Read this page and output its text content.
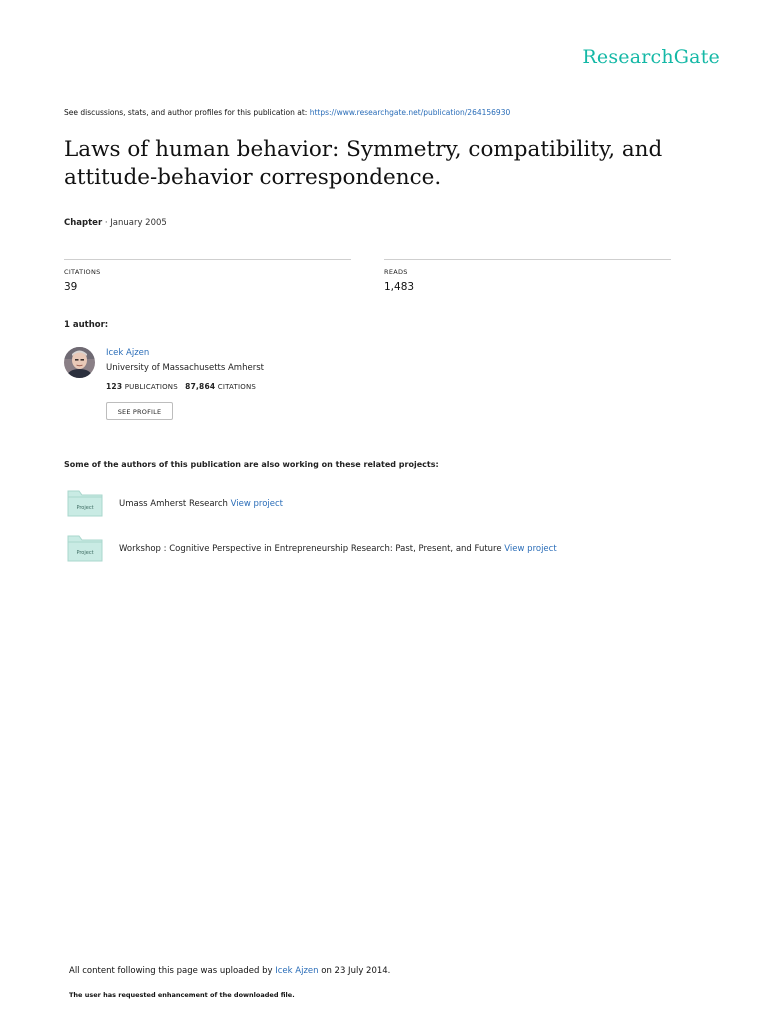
ResearchGate
See discussions, stats, and author profiles for this publication at: https://www.researchgate.net/publication/264156930
Laws of human behavior: Symmetry, compatibility, and attitude-behavior correspondence.
Chapter · January 2005
CITATIONS
39
READS
1,483
1 author:
Icek Ajzen
University of Massachusetts Amherst
123 PUBLICATIONS 87,864 CITATIONS
SEE PROFILE
Some of the authors of this publication are also working on these related projects:
Project	Umass Amherst Research View project
Project	Workshop : Cognitive Perspective in Entrepreneurship Research: Past, Present, and Future View project
All content following this page was uploaded by Icek Ajzen on 23 July 2014.
The user has requested enhancement of the downloaded file.
